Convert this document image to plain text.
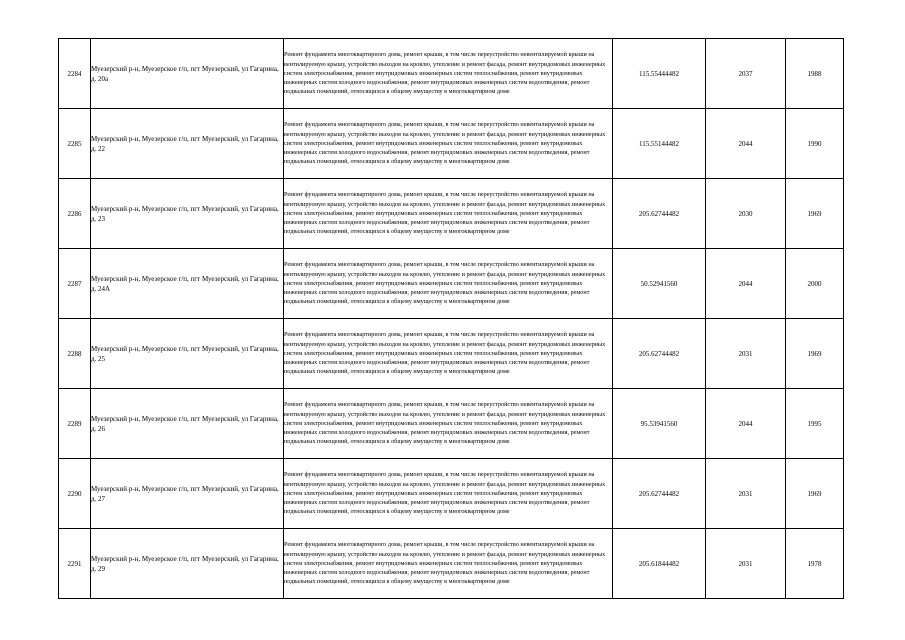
2284	Муезерский р-н, Муезерское г/п, пгт Муезерский, ул Гагарина, д. 20а	Ремонт фундамента многоквартирного дома, ремонт крыши, в том числе переустройство невентилируемой крыши на вентилируемую крышу, устройство выходов на кровлю, утепление и ремонт фасада, ремонт внутридомовых инженерных систем электроснабжения, ремонт внутридомовых инженерных систем теплоснабжения, ремонт внутридомовых инженерных систем холодного водоснабжения, ремонт внутридомовых инженерных систем водоотведения, ремонт подвальных помещений, относящихся к общему имуществу в многоквартирном доме	115.55444482	2037	1988
2285	Муезерский р-н, Муезерское г/п, пгт Муезерский, ул Гагарина, д. 22	Ремонт фундамента многоквартирного дома, ремонт крыши, в том числе переустройство невентилируемой крыши на вентилируемую крышу, устройство выходов на кровлю, утепление и ремонт фасада, ремонт внутридомовых инженерных систем электроснабжения, ремонт внутридомовых инженерных систем теплоснабжения, ремонт внутридомовых инженерных систем холодного водоснабжения, ремонт внутридомовых инженерных систем водоотведения, ремонт подвальных помещений, относящихся к общему имуществу в многоквартирном доме	115.55144482	2044	1990
2286	Муезерский р-н, Муезерское г/п, пгт Муезерский, ул Гагарина, д. 23	Ремонт фундамента многоквартирного дома, ремонт крыши, в том числе переустройство невентилируемой крыши на вентилируемую крышу, устройство выходов на кровлю, утепление и ремонт фасада, ремонт внутридомовых инженерных систем электроснабжения, ремонт внутридомовых инженерных систем теплоснабжения, ремонт внутридомовых инженерных систем холодного водоснабжения, ремонт внутридомовых инженерных систем водоотведения, ремонт подвальных помещений, относящихся к общему имуществу в многоквартирном доме	205.62744482	2030	1969
2287	Муезерский р-н, Муезерское г/п, пгт Муезерский, ул Гагарина, д. 24А	Ремонт фундамента многоквартирного дома, ремонт крыши, в том числе переустройство невентилируемой крыши на вентилируемую крышу, устройство выходов на кровлю, утепление и ремонт фасада, ремонт внутридомовых инженерных систем электроснабжения, ремонт внутридомовых инженерных систем теплоснабжения, ремонт внутридомовых инженерных систем холодного водоснабжения, ремонт внутридомовых инженерных систем водоотведения, ремонт подвальных помещений, относящихся к общему имуществу в многоквартирном доме	50.52941560	2044	2000
2288	Муезерский р-н, Муезерское г/п, пгт Муезерский, ул Гагарина, д. 25	Ремонт фундамента многоквартирного дома, ремонт крыши, в том числе переустройство невентилируемой крыши на вентилируемую крышу, устройство выходов на кровлю, утепление и ремонт фасада, ремонт внутридомовых инженерных систем электроснабжения, ремонт внутридомовых инженерных систем теплоснабжения, ремонт внутридомовых инженерных систем холодного водоснабжения, ремонт внутридомовых инженерных систем водоотведения, ремонт подвальных помещений, относящихся к общему имуществу в многоквартирном доме	205.62744482	2031	1969
2289	Муезерский р-н, Муезерское г/п, пгт Муезерский, ул Гагарина, д. 26	Ремонт фундамента многоквартирного дома, ремонт крыши, в том числе переустройство невентилируемой крыши на вентилируемую крышу, устройство выходов на кровлю, утепление и ремонт фасада, ремонт внутридомовых инженерных систем электроснабжения, ремонт внутридомовых инженерных систем теплоснабжения, ремонт внутридомовых инженерных систем холодного водоснабжения, ремонт внутридомовых инженерных систем водоотведения, ремонт подвальных помещений, относящихся к общему имуществу в многоквартирном доме	95.53941560	2044	1995
2290	Муезерский р-н, Муезерское г/п, пгт Муезерский, ул Гагарина, д. 27	Ремонт фундамента многоквартирного дома, ремонт крыши, в том числе переустройство невентилируемой крыши на вентилируемую крышу, устройство выходов на кровлю, утепление и ремонт фасада, ремонт внутридомовых инженерных систем электроснабжения, ремонт внутридомовых инженерных систем теплоснабжения, ремонт внутридомовых инженерных систем холодного водоснабжения, ремонт внутридомовых инженерных систем водоотведения, ремонт подвальных помещений, относящихся к общему имуществу в многоквартирном доме	205.62744482	2031	1969
2291	Муезерский р-н, Муезерское г/п, пгт Муезерский, ул Гагарина, д. 29	Ремонт фундамента многоквартирного дома, ремонт крыши, в том числе переустройство невентилируемой крыши на вентилируемую крышу, устройство выходов на кровлю, утепление и ремонт фасада, ремонт внутридомовых инженерных систем электроснабжения, ремонт внутридомовых инженерных систем теплоснабжения, ремонт внутридомовых инженерных систем холодного водоснабжения, ремонт внутридомовых инженерных систем водоотведения, ремонт подвальных помещений, относящихся к общему имуществу в многоквартирном доме	205.61844482	2031	1978
